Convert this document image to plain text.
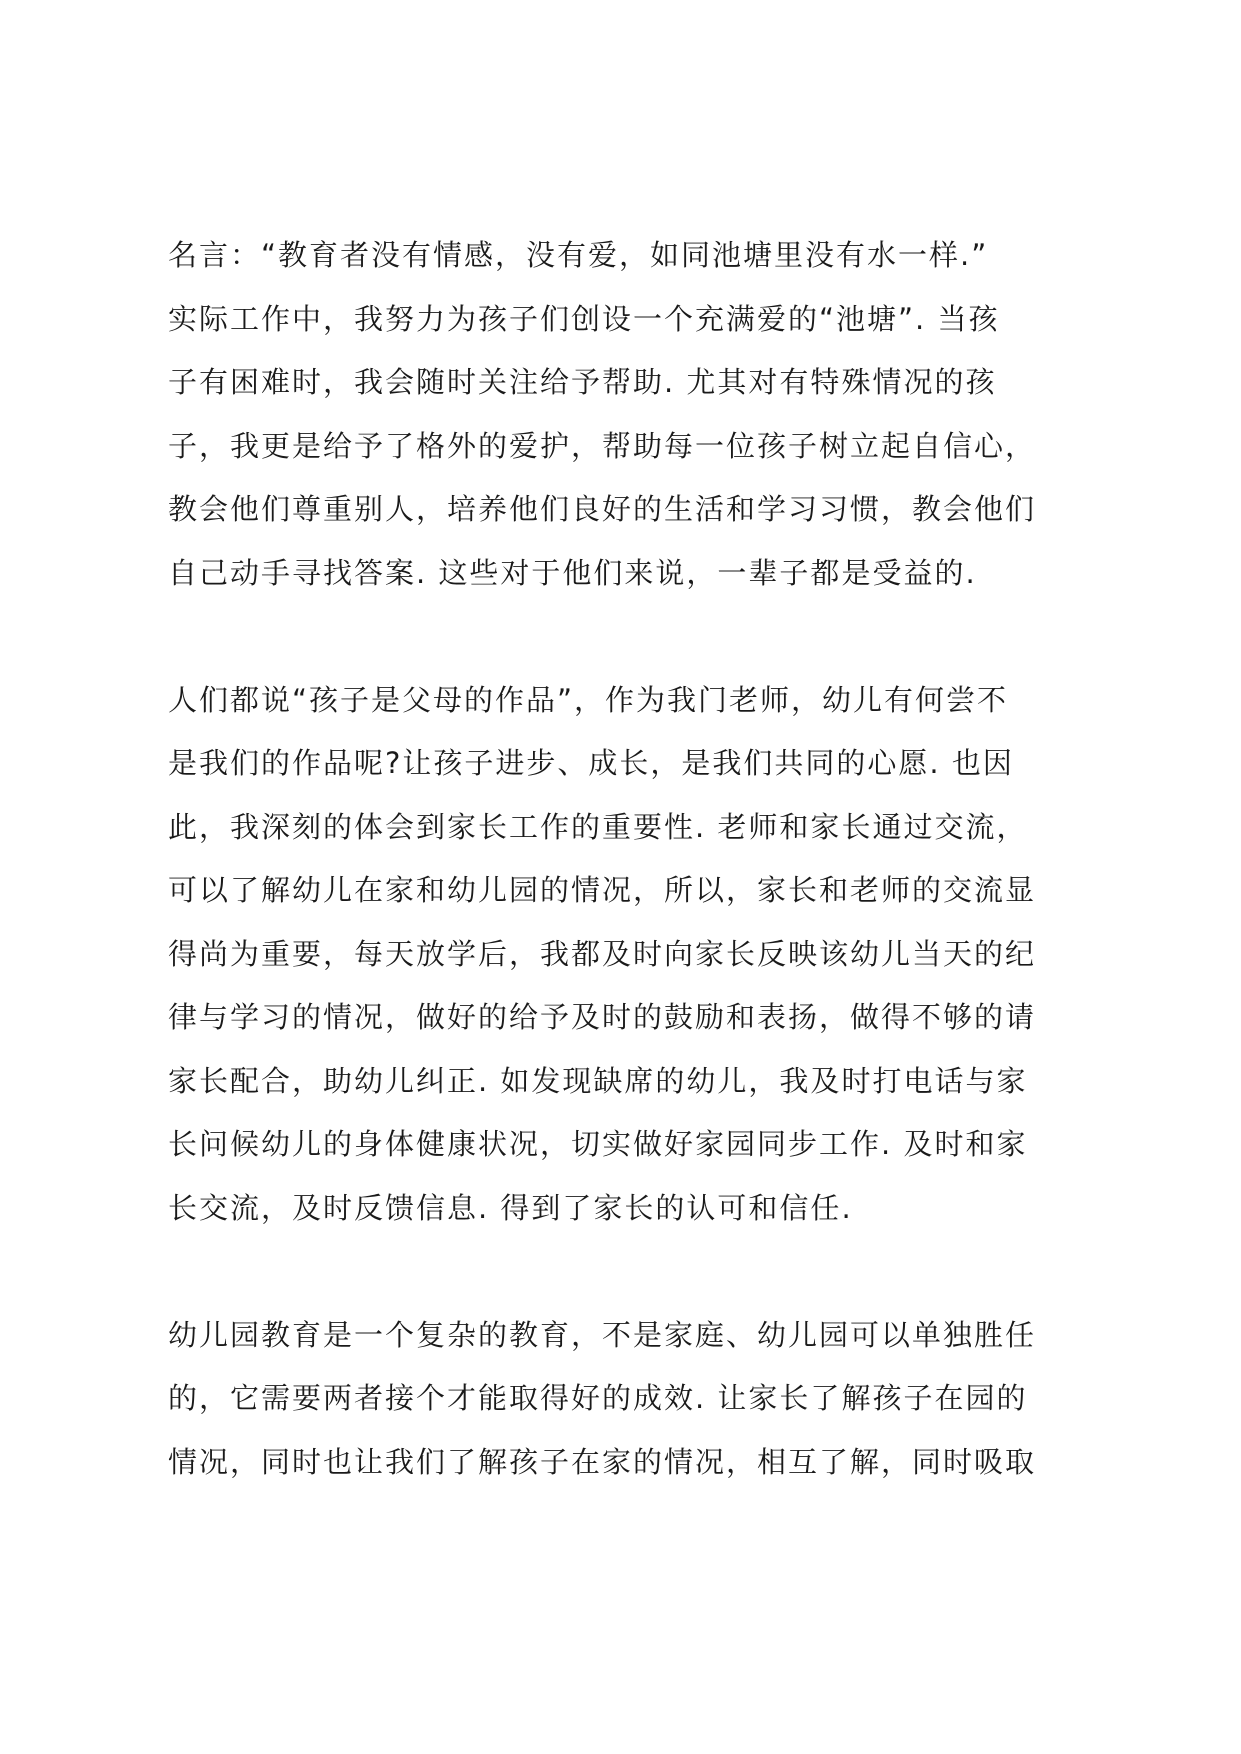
名言：“教育者没有情感，没有爱，如同池塘里没有水一样.”
实际工作中，我努力为孩子们创设一个充满爱的“池塘”. 当孩
子有困难时，我会随时关注给予帮助. 尤其对有特殊情况的孩
子，我更是给予了格外的爱护，帮助每一位孩子树立起自信心，
教会他们尊重别人，培养他们良好的生活和学习习惯，教会他们
自己动手寻找答案. 这些对于他们来说，一辈子都是受益的.
人们都说“孩子是父母的作品”，作为我门老师，幼儿有何尝不
是我们的作品呢?让孩子进步、成长，是我们共同的心愿. 也因
此，我深刻的体会到家长工作的重要性. 老师和家长通过交流，
可以了解幼儿在家和幼儿园的情况，所以，家长和老师的交流显
得尚为重要，每天放学后，我都及时向家长反映该幼儿当天的纪
律与学习的情况，做好的给予及时的鼓励和表扬，做得不够的请
家长配合，助幼儿纠正. 如发现缺席的幼儿，我及时打电话与家
长问候幼儿的身体健康状况，切实做好家园同步工作. 及时和家
长交流，及时反馈信息. 得到了家长的认可和信任.
幼儿园教育是一个复杂的教育，不是家庭、幼儿园可以单独胜任
的，它需要两者接个才能取得好的成效. 让家长了解孩子在园的
情况，同时也让我们了解孩子在家的情况，相互了解，同时吸取
